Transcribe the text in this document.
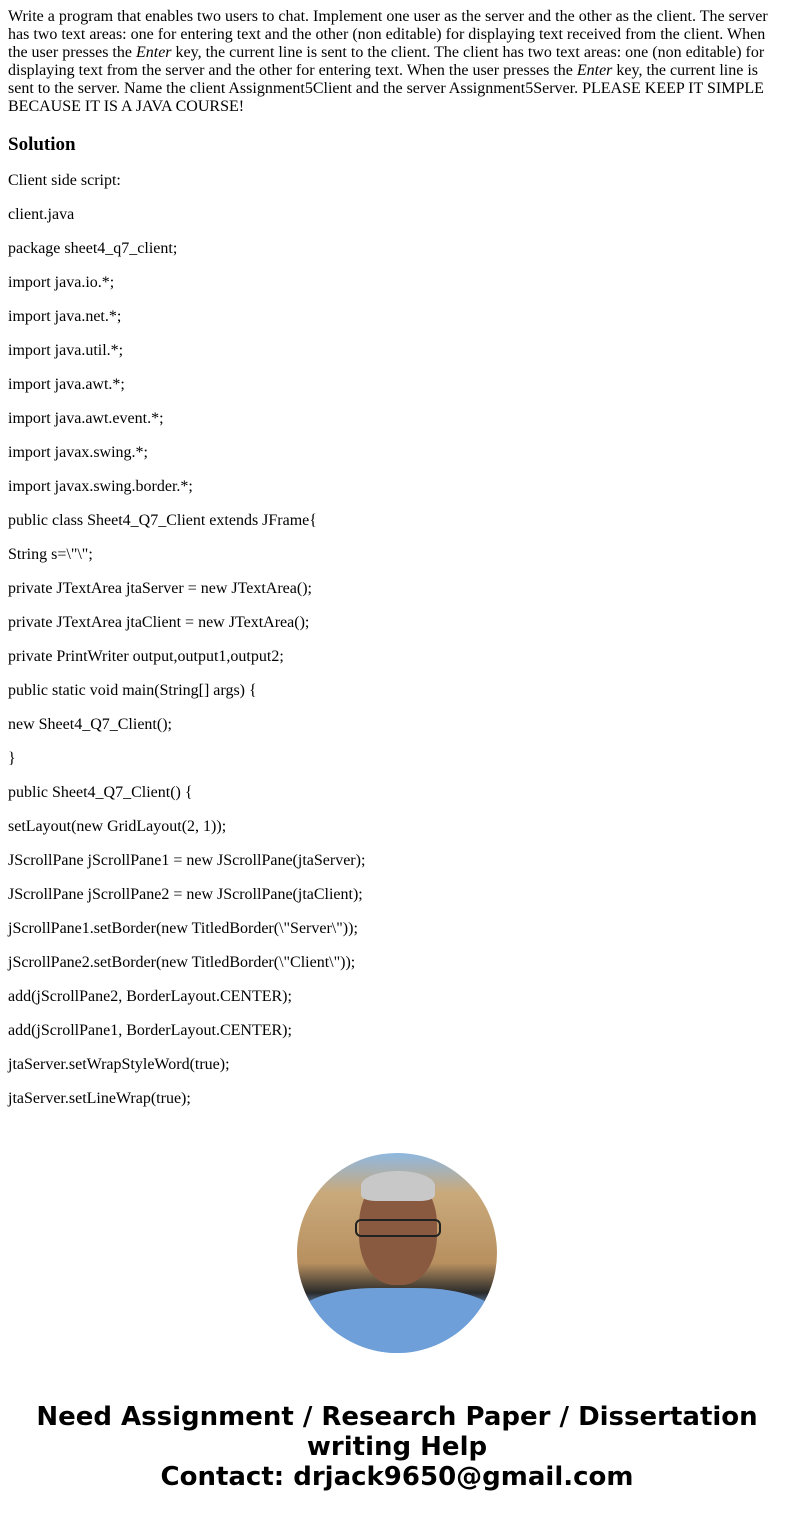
Write a program that enables two users to chat. Implement one user as the server and the other as the client. The server has two text areas: one for entering text and the other (non editable) for displaying text received from the client. When the user presses the Enter key, the current line is sent to the client. The client has two text areas: one (non editable) for displaying text from the server and the other for entering text. When the user presses the Enter key, the current line is sent to the server. Name the client Assignment5Client and the server Assignment5Server. PLEASE KEEP IT SIMPLE BECAUSE IT IS A JAVA COURSE!

Solution

Client side script:

client.java

package sheet4_q7_client;

import java.io.*;

import java.net.*;

import java.util.*;

import java.awt.*;

import java.awt.event.*;

import javax.swing.*;

import javax.swing.border.*;

public class Sheet4_Q7_Client extends JFrame{

String s=\"\";

private JTextArea jtaServer = new JTextArea();

private JTextArea jtaClient = new JTextArea();

private PrintWriter output,output1,output2;

public static void main(String[] args) {

new Sheet4_Q7_Client();

}

public Sheet4_Q7_Client() {

setLayout(new GridLayout(2, 1));

JScrollPane jScrollPane1 = new JScrollPane(jtaServer);

JScrollPane jScrollPane2 = new JScrollPane(jtaClient);

jScrollPane1.setBorder(new TitledBorder(\"Server\"));

jScrollPane2.setBorder(new TitledBorder(\"Client\"));

add(jScrollPane2, BorderLayout.CENTER);

add(jScrollPane1, BorderLayout.CENTER);

jtaServer.setWrapStyleWord(true);

jtaServer.setLineWrap(true);

Need Assignment / Research Paper / Dissertation
writing Help
Contact: drjack9650@gmail.com
